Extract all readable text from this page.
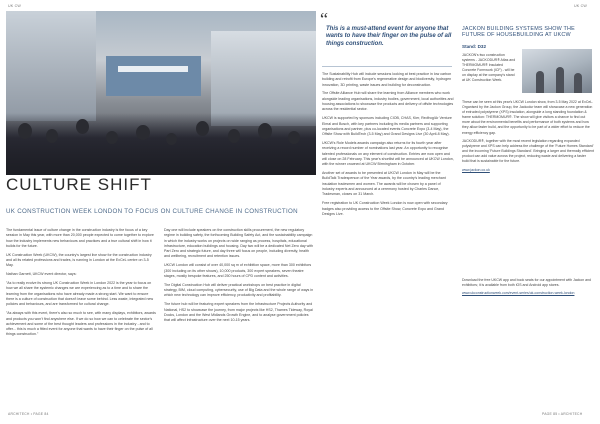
UK CW	UK CW
ARCHITECH • PAGE 84	PAGE 85 • ARCHITECH
CULTURE SHIFT
UK CONSTRUCTION WEEK LONDON TO FOCUS ON CULTURE CHANGE IN CONSTRUCTION

The fundamental issue of culture change in the construction industry is the focus of a key session in May this year, with more than 20,000 people expected to come together to explore how the industry implements new behaviours and practices and a true cultural shift in how it builds for the future.

UK Construction Week (UKCW), the country's largest live show for the construction industry and all its related professions and trades, is running in London at the ExCeL centre on 3-5 May.

Nathan Garnett, UKCW event director, says:

"As to really evolve its strong UK Construction Week in London 2022 is the year to focus on how we all share the systemic changes we are experiencing as to a time and to share the learning from the organisations who have already made a strong start. We want to ensure there is a culture of construction that doesn't leave some behind. Less waste, integrated new policies and behaviours, and are transformed for cultural change.

"As always with this event, there's also so much to see, with many displays, exhibitors, awards and products you won't find anywhere else. If we do so how we can to celebrate the sector's achievement and some of the best thought leaders and professions in the industry - and to offer... this is much a fitted event for anyone that wants to have their finger on the pulse of all things construction."

Day one will include speakers on the construction skills procurement, the new regulatory regime in building safety, the forthcoming Building Safety Act, and the sustainability campaign in which the industry works on projects on wide ranging as process, hospitals, educational infrastructure, education buildings and housing. Day two will be a dedicated Net Zero day with Part Zero and strategic future, and day three will focus on people, including diversity, health and wellbeing, recruitment and retention issues.

UKCW London will consist of over 40,000 sq m of exhibition space, more than 300 exhibitors (300 including on its other shows), 10,000 products, 300 expert speakers, seven theatre stages, mostly bespoke features, and 250 hours of CPD content and activities.

The Digital Construction Hub will deliver practical workshops on best practice in digital strategy, BIM, cloud computing, cybersecurity, use of Big Data and the whole range of ways in which new technology can improve efficiency, productivity and profitability.

The future hub will be featuring expert speakers from the Infrastructure Projects Authority and National, HS2 to showcase the journey, from major projects like HS2, Thames Tideway, Royal Docks, London and the West Midlands Growth Engine, and to analyse government policies that will affect infrastructure over the next 10-15 years.

“
This is a must-attend event for anyone that wants to have their finger on the pulse of all things construction.

The Sustainability Hub will include sessions looking at best practice in low carbon building and retrofit from Europe's regenerative design and biodiversity, hydrogen innovation, 3D printing, waste issues and building for deconstruction.

The Offsite Alliance Hub will share the learning from Alliance members who work alongside leading organisations, industry bodies, government, local authorities and housing associations to showcase the products and delivery of offsite technologies across the residential sector.

UKCW is supported by sponsors including CIOB, CHAS, Kier, Redfrog/Ar Venture Eimal and Bosch, with key partners including its media partners and supporting organisations and partner, plus co-located events Concrete Expo (3-4 May), the Offsite Show with BuildTech (3-5 May) and Grand Designs Live (30 April-8 May).

UKCW's Role Models awards campaign also returns for its fourth year after receiving a record number of nominations last year. An opportunity to recognise talented professionals on any element of construction. Entries are now open and will close on 28 February. This year's shortlist will be announced at UKCW London, with the winner crowned at UKCW Birmingham in October.

Another set of awards to be presented at UKCW London in May will be the BuildTalk Tradesperson of the Year awards, by the country's leading merchant insulation tradesmen and women. The awards will be chosen by a panel of industry experts and announced at a ceremony hosted by Charles Dance, Tradesman, closes on 31 March.

Free registration to UK Construction Week London is now open with secondary badges also providing access to the Offsite Show, Concrete Expo and Grand Designs Live.

JACKON BUILDING SYSTEMS SHOW THE FUTURE OF HOUSEBUILDING AT UKCW
Stand: D32
JACKON's two construction systems - JACKODUR® Atlas and THERMOMUR® Insulated Concrete Formwork (ICF) - will be on display at the company's stand at UK Construction Week.

These can be seen at this year's UKCW London show, from 3-5 May 2022 at ExCeL. Organised by the Jackon Group, the Jackodur team will showcase a new generation of extruded polystyrene (XPS) insulation, alongside a long standing foundation & frame solution: THERMOMUR®. The show will give visitors a chance to find out more about the environmental benefits and performance of both systems and how they allow faster build, and the opportunity to be part of a wider effort to reduce the energy efficiency gap.

JACKODUR®, together with the most recent legislation regarding expanded polystyrene and XPS can help address the challenge of the 'Future Homes Standard' and the incoming 'Future Buildings Standard'. Bringing a larger and thermally efficient product can add value across the project, reducing waste and delivering a faster build that is sustainable for the future.

www.jackon.co.uk

Download the free UKCW app and book seats for our appointment with Jackon and exhibitors; it is available from both iOS and Android app stores.

www.ukconstructionweek.com/event-series/uk-construction-week-london
